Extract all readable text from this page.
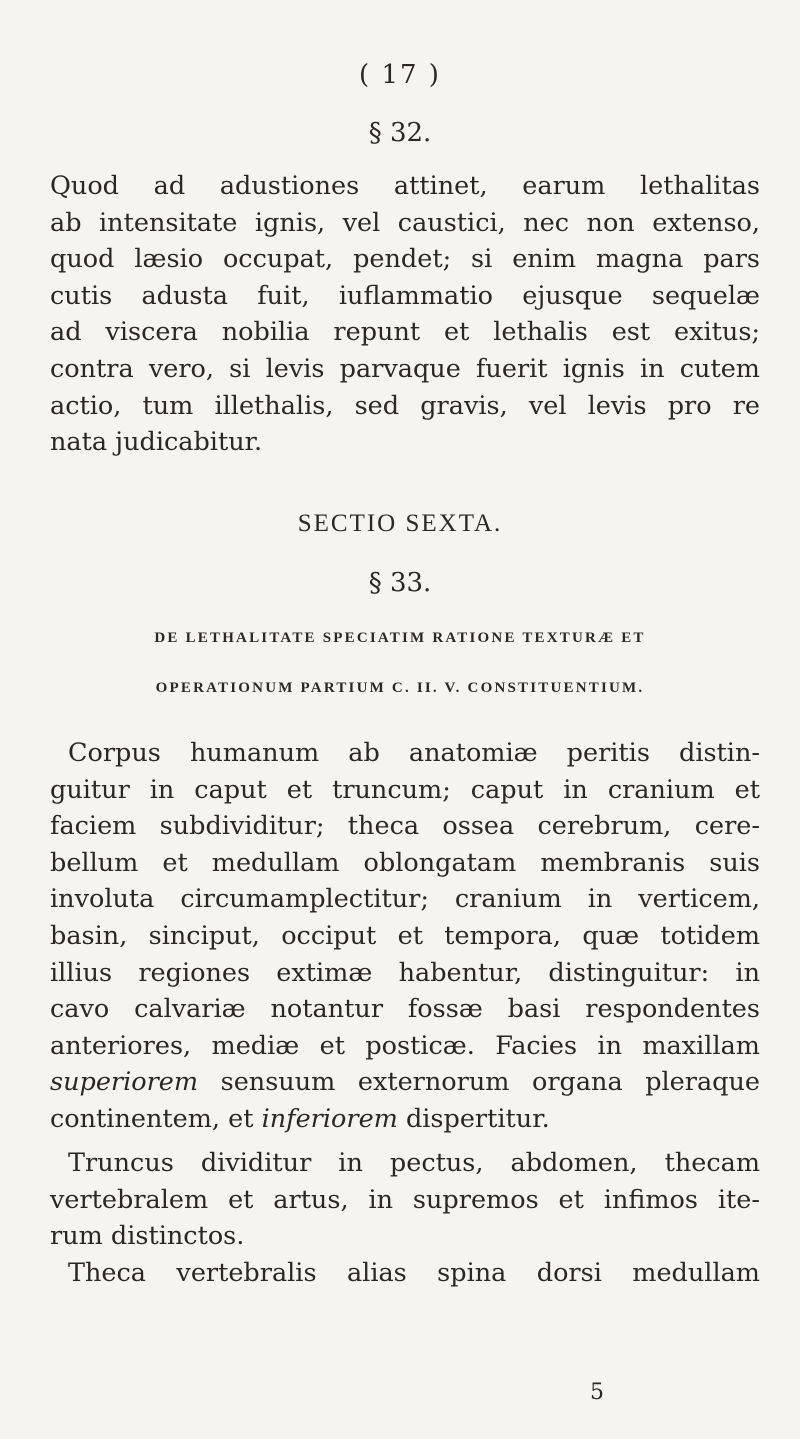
( 17 )
§ 32.
Quod ad adustiones attinet, earum lethalitas
ab intensitate ignis, vel caustici, nec non extenso,
quod læsio occupat, pendet; si enim magna pars
cutis adusta fuit, iuflammatio ejusque sequelæ
ad viscera nobilia repunt et lethalis est exitus;
contra vero, si levis parvaque fuerit ignis in cutem
actio, tum illethalis, sed gravis, vel levis pro re
nata judicabitur.
SECTIO SEXTA.
§ 33.
DE LETHALITATE SPECIATIM RATIONE TEXTURÆ ET
OPERATIONUM PARTIUM C. II. V. CONSTITUENTIUM.
Corpus humanum ab anatomiæ peritis distin-
guitur in caput et truncum; caput in cranium et
faciem subdividitur; theca ossea cerebrum, cere-
bellum et medullam oblongatam membranis suis
involuta circumamplectitur; cranium in verticem,
basin, sinciput, occiput et tempora, quæ totidem
illius regiones extimæ habentur, distinguitur: in
cavo calvariæ notantur fossæ basi respondentes
anteriores, mediæ et posticæ. Facies in maxillam
superiorem sensuum externorum organa pleraque
continentem, et inferiorem dispertitur.
Truncus dividitur in pectus, abdomen, thecam
vertebralem et artus, in supremos et infimos ite-
rum distinctos.
Theca vertebralis alias spina dorsi medullam
5
